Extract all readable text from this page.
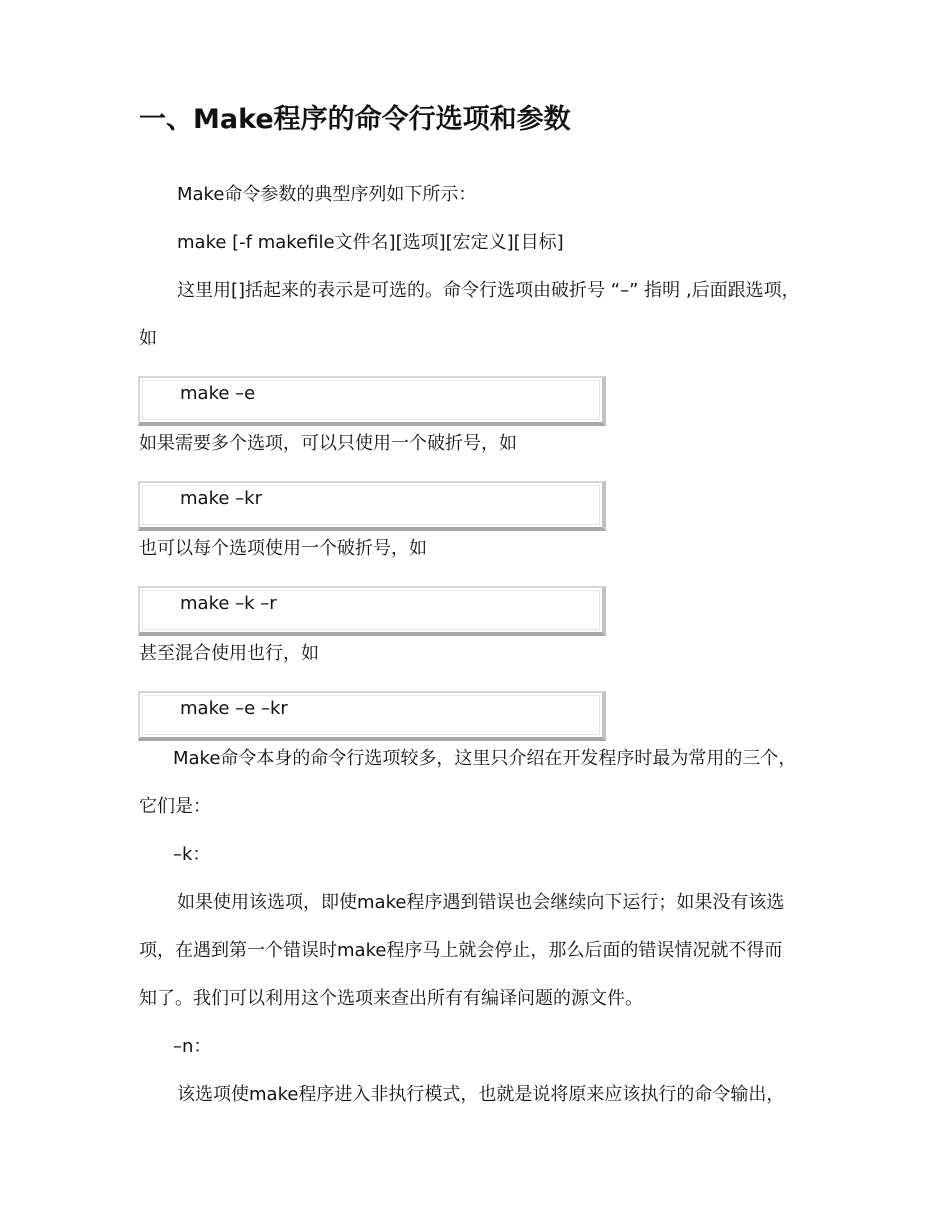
一、Make程序的命令行选项和参数

Make命令参数的典型序列如下所示：

make [-f makefile文件名][选项][宏定义][目标]

这里用[]括起来的表示是可选的。命令行选项由破折号 “–” 指明 ,后面跟选项，

如

make –e

如果需要多个选项，可以只使用一个破折号，如

make –kr

也可以每个选项使用一个破折号，如

make –k –r

甚至混合使用也行，如

make –e –kr

Make命令本身的命令行选项较多，这里只介绍在开发程序时最为常用的三个，

它们是：

–k：

如果使用该选项，即使make程序遇到错误也会继续向下运行；如果没有该选

项，在遇到第一个错误时make程序马上就会停止，那么后面的错误情况就不得而

知了。我们可以利用这个选项来查出所有有编译问题的源文件。

–n：

该选项使make程序进入非执行模式，也就是说将原来应该执行的命令输出，
